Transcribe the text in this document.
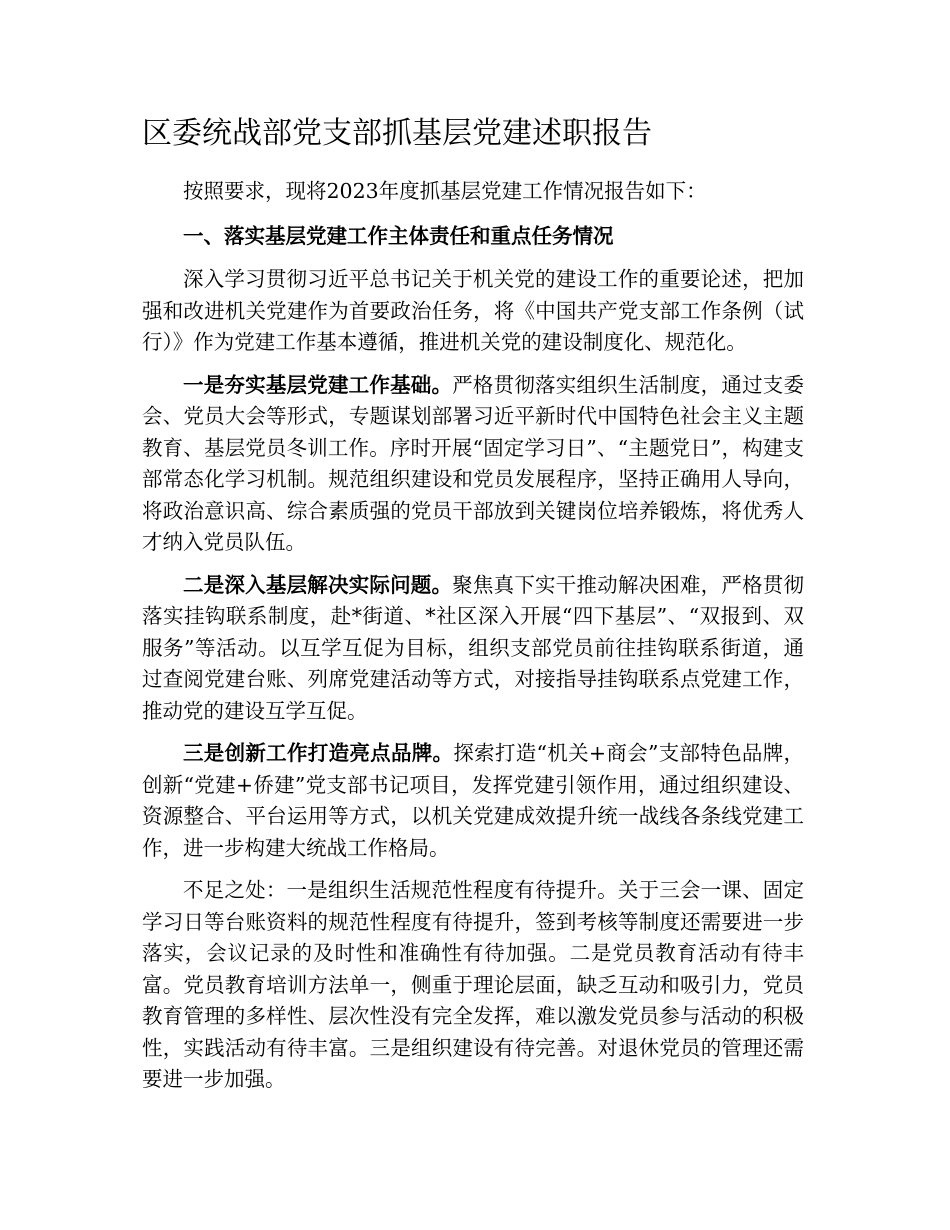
区委统战部党支部抓基层党建述职报告

按照要求，现将2023年度抓基层党建工作情况报告如下：

一、落实基层党建工作主体责任和重点任务情况

深入学习贯彻习近平总书记关于机关党的建设工作的重要论述，把加强和改进机关党建作为首要政治任务，将《中国共产党支部工作条例（试行）》作为党建工作基本遵循，推进机关党的建设制度化、规范化。

一是夯实基层党建工作基础。严格贯彻落实组织生活制度，通过支委会、党员大会等形式，专题谋划部署习近平新时代中国特色社会主义主题教育、基层党员冬训工作。序时开展“固定学习日”、“主题党日”，构建支部常态化学习机制。规范组织建设和党员发展程序，坚持正确用人导向，将政治意识高、综合素质强的党员干部放到关键岗位培养锻炼，将优秀人才纳入党员队伍。

二是深入基层解决实际问题。聚焦真下实干推动解决困难，严格贯彻落实挂钩联系制度，赴*街道、*社区深入开展“四下基层”、“双报到、双服务”等活动。以互学互促为目标，组织支部党员前往挂钩联系街道，通过查阅党建台账、列席党建活动等方式，对接指导挂钩联系点党建工作，推动党的建设互学互促。

三是创新工作打造亮点品牌。探索打造“机关+商会”支部特色品牌，创新“党建+侨建”党支部书记项目，发挥党建引领作用，通过组织建设、资源整合、平台运用等方式，以机关党建成效提升统一战线各条线党建工作，进一步构建大统战工作格局。

不足之处：一是组织生活规范性程度有待提升。关于三会一课、固定学习日等台账资料的规范性程度有待提升，签到考核等制度还需要进一步落实，会议记录的及时性和准确性有待加强。二是党员教育活动有待丰富。党员教育培训方法单一，侧重于理论层面，缺乏互动和吸引力，党员教育管理的多样性、层次性没有完全发挥，难以激发党员参与活动的积极性，实践活动有待丰富。三是组织建设有待完善。对退休党员的管理还需要进一步加强。
